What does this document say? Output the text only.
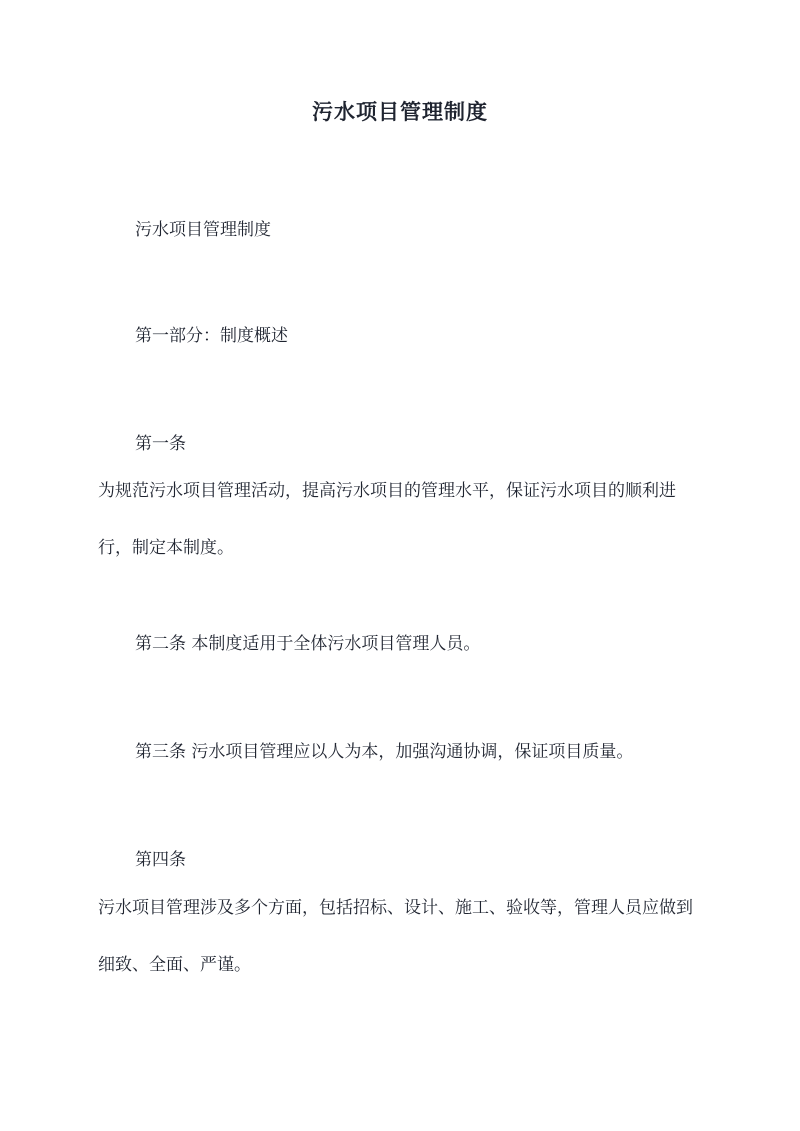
污水项目管理制度

污水项目管理制度

第一部分：制度概述

第一条

为规范污水项目管理活动，提高污水项目的管理水平，保证污水项目的顺利进行，制定本制度。

第二条 本制度适用于全体污水项目管理人员。

第三条 污水项目管理应以人为本，加强沟通协调，保证项目质量。

第四条

污水项目管理涉及多个方面，包括招标、设计、施工、验收等，管理人员应做到细致、全面、严谨。
